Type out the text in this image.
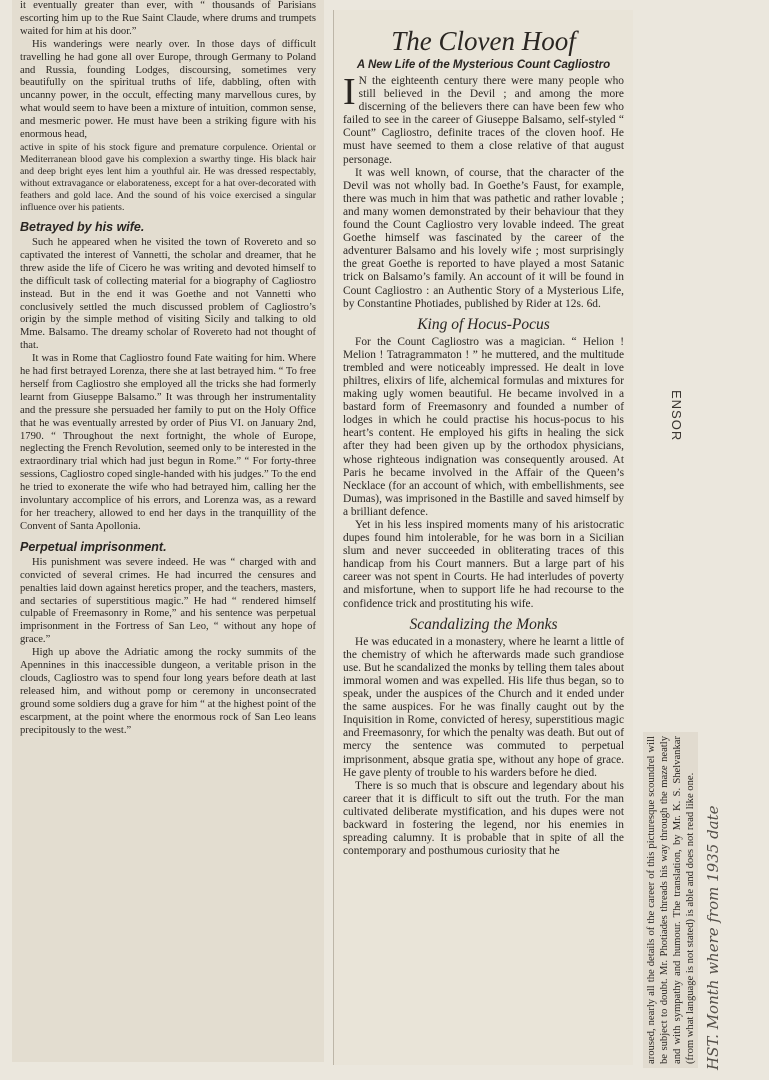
it eventually greater than ever, with “ thousands of Parisians escorting him up to the Rue Saint Claude, where drums and trumpets waited for him at his door.”

His wanderings were nearly over. In those days of difficult travelling he had gone all over Europe, through Germany to Poland and Russia, founding Lodges, discoursing, sometimes very beautifully on the spiritual truths of life, dabbling, often with uncanny power, in the occult, effecting many marvellous cures, by what would seem to have been a mixture of intuition, common sense, and mesmeric power. He must have been a striking figure with his enormous head,

active in spite of his stock figure and premature corpulence. Oriental or Mediterranean blood gave his complexion a swarthy tinge. His black hair and deep bright eyes lent him a youthful air. He was dressed respectably, without extravagance or elaborateness, except for a hat over-decorated with feathers and gold lace. And the sound of his voice exercised a singular influence over his patients.

Betrayed by his wife.

Such he appeared when he visited the town of Rovereto and so captivated the interest of Vannetti, the scholar and dreamer, that he threw aside the life of Cicero he was writing and devoted himself to the difficult task of collecting material for a biography of Cagliostro instead. But in the end it was Goethe and not Vannetti who conclusively settled the much discussed problem of Cagliostro’s origin by the simple method of visiting Sicily and talking to old Mme. Balsamo. The dreamy scholar of Rovereto had not thought of that.

It was in Rome that Cagliostro found Fate waiting for him. Where he had first betrayed Lorenza, there she at last betrayed him. “ To free herself from Cagliostro she employed all the tricks she had formerly learnt from Giuseppe Balsamo.” It was through her instrumentality and the pressure she persuaded her family to put on the Holy Office that he was eventually arrested by order of Pius VI. on January 2nd, 1790. “ Throughout the next fortnight, the whole of Europe, neglecting the French Revolution, seemed only to be interested in the extraordinary trial which had just begun in Rome.” “ For forty-three sessions, Cagliostro coped single-handed with his judges.” To the end he tried to exonerate the wife who had betrayed him, calling her the involuntary accomplice of his errors, and Lorenza was, as a reward for her treachery, allowed to end her days in the tranquillity of the Convent of Santa Apollonia.

Perpetual imprisonment.

His punishment was severe indeed. He was “ charged with and convicted of several crimes. He had incurred the censures and penalties laid down against heretics proper, and the teachers, masters, and sectaries of superstitious magic.” He had “ rendered himself culpable of Freemasonry in Rome,” and his sentence was perpetual imprisonment in the Fortress of San Leo, “ without any hope of grace.”

High up above the Adriatic among the rocky summits of the Apennines in this inaccessible dungeon, a veritable prison in the clouds, Cagliostro was to spend four long years before death at last released him, and without pomp or ceremony in unconsecrated ground some soldiers dug a grave for him “ at the highest point of the escarpment, at the point where the enormous rock of San Leo leans precipitously to the west.”

The Cloven Hoof
A New Life of the Mysterious Count Cagliostro

I N the eighteenth century there were many people who still believed in the Devil ; and among the more discerning of the believers there can have been few who failed to see in the career of Giuseppe Balsamo, self-styled “ Count” Cagliostro, definite traces of the cloven hoof. He must have seemed to them a close relative of that august personage.

It was well known, of course, that the character of the Devil was not wholly bad. In Goethe’s Faust, for example, there was much in him that was pathetic and rather lovable ; and many women demonstrated by their behaviour that they found the Count Cagliostro very lovable indeed. The great Goethe himself was fascinated by the career of the adventurer Balsamo and his lovely wife ; most surprisingly the great Goethe is reported to have played a most Satanic trick on Balsamo’s family. An account of it will be found in Count Cagliostro : an Authentic Story of a Mysterious Life, by Constantine Photiades, published by Rider at 12s. 6d.

King of Hocus-Pocus

For the Count Cagliostro was a magician. “ Helion ! Melion ! Tatragrammaton ! ” he muttered, and the multitude trembled and were noticeably impressed. He dealt in love philtres, elixirs of life, alchemical formulas and mixtures for making ugly women beautiful. He became involved in a bastard form of Freemasonry and founded a number of lodges in which he could practise his hocus-pocus to his heart’s content. He employed his gifts in healing the sick after they had been given up by the orthodox physicians, whose righteous indignation was consequently aroused. At Paris he became involved in the Affair of the Queen’s Necklace (for an account of which, with embellishments, see Dumas), was imprisoned in the Bastille and saved himself by a brilliant defence.

Yet in his less inspired moments many of his aristocratic dupes found him intolerable, for he was born in a Sicilian slum and never succeeded in obliterating traces of this handicap from his Court manners. But a large part of his career was not spent in Courts. He had interludes of poverty and misfortune, when to support life he had recourse to the confidence trick and prostituting his wife.

Scandalizing the Monks

He was educated in a monastery, where he learnt a little of the chemistry of which he afterwards made such grandiose use. But he scandalized the monks by telling them tales about immoral women and was expelled. His life thus began, so to speak, under the auspices of the Church and it ended under the same auspices. For he was finally caught out by the Inquisition in Rome, convicted of heresy, superstitious magic and Freemasonry, for which the penalty was death. But out of mercy the sentence was commuted to perpetual imprisonment, absque gratia spe, without any hope of grace. He gave plenty of trouble to his warders before he died.

There is so much that is obscure and legendary about his career that it is difficult to sift out the truth. For the man cultivated deliberate mystification, and his dupes were not backward in fostering the legend, nor his enemies in spreading calumny. It is probable that in spite of all the contemporary and posthumous curiosity that he	aroused, nearly all the details of the career of this picturesque scoundrel will be subject to doubt. Mr. Photiades threads his way through the maze neatly and with sympathy and humour. The translation, by Mr. K. S. Shelvankar (from what language is not stated) is able and does not read like one.
ENSOR
HST. Month where from 1935 date
